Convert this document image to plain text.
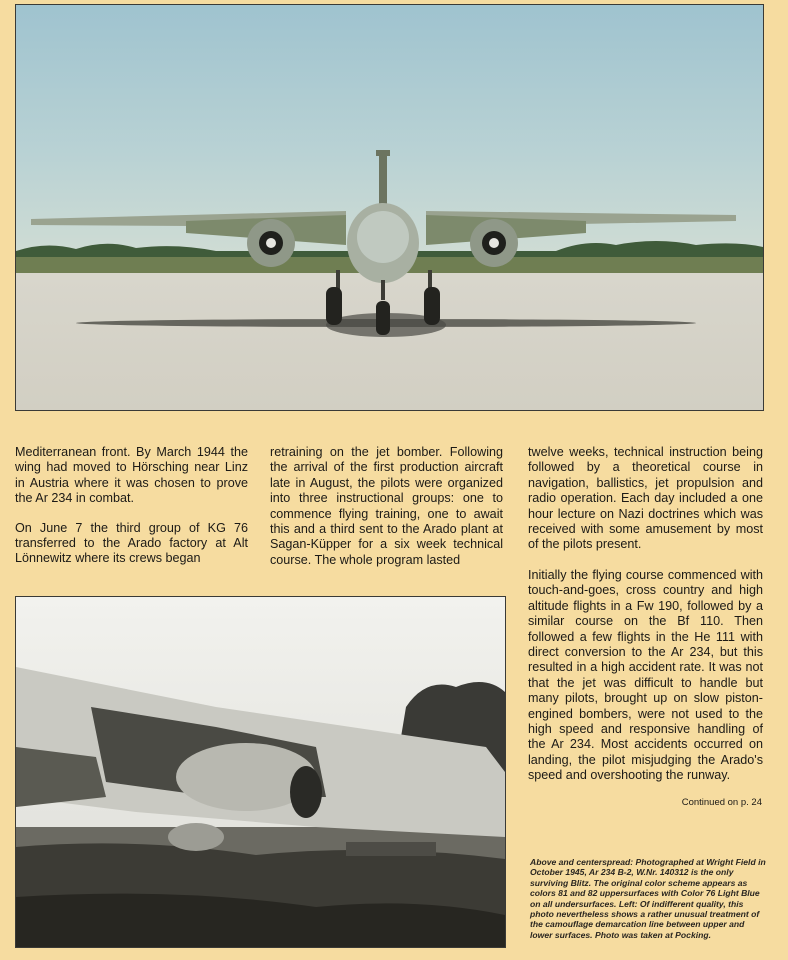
Mediterranean front. By March 1944 the wing had moved to Hörsching near Linz in Austria where it was chosen to prove the Ar 234 in combat.

On June 7 the third group of KG 76 transferred to the Arado factory at Alt Lönnewitz where its crews began

retraining on the jet bomber. Following the arrival of the first production aircraft late in August, the pilots were organized into three instructional groups: one to commence flying training, one to await this and a third sent to the Arado plant at Sagan-Küpper for a six week technical course. The whole program lasted

twelve weeks, technical instruction being followed by a theoretical course in navigation, ballistics, jet propulsion and radio operation. Each day included a one hour lecture on Nazi doctrines which was received with some amusement by most of the pilots present.

Initially the flying course commenced with touch-and-goes, cross country and high altitude flights in a Fw 190, followed by a similar course on the Bf 110. Then followed a few flights in the He 111 with direct conversion to the Ar 234, but this resulted in a high accident rate. It was not that the jet was difficult to handle but many pilots, brought up on slow piston-engined bombers, were not used to the high speed and responsive handling of the Ar 234. Most accidents occurred on landing, the pilot misjudging the Arado's speed and overshooting the runway.

Continued on p. 24
Above and centerspread: Photographed at Wright Field in October 1945, Ar 234 B-2, W.Nr. 140312 is the only surviving Blitz. The original color scheme appears as colors 81 and 82 uppersurfaces with Color 76 Light Blue on all undersurfaces. Left: Of indifferent quality, this photo nevertheless shows a rather unusual treatment of the camouflage demarcation line between upper and lower surfaces. Photo was taken at Pocking.
